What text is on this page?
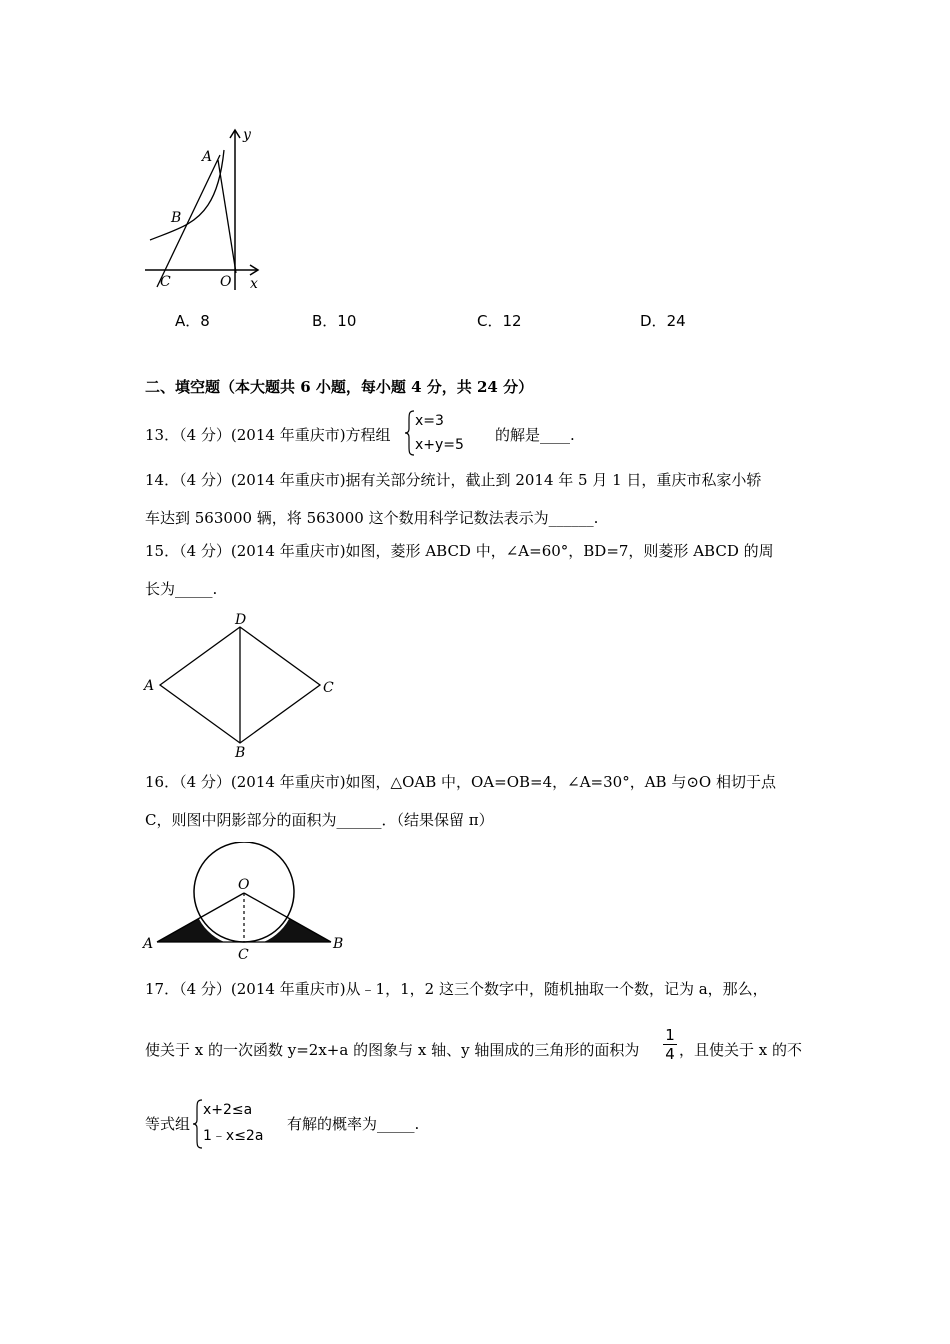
y
A
B
C	O x
A．8	B．10	C．12	D．24
二、填空题（本大题共 6 小题，每小题 4 分，共 24 分）
13．（4 分）(2014 年重庆市)方程组
x=3
x+y=5
的解是____.
14．（4 分）(2014 年重庆市)据有关部分统计，截止到 2014 年 5 月 1 日，重庆市私家小轿
车达到 563000 辆，将 563000 这个数用科学记数法表示为______.
15．（4 分）(2014 年重庆市)如图，菱形 ABCD 中，∠A=60°，BD=7，则菱形 ABCD 的周
长为_____.
D
A	C
B
16．（4 分）(2014 年重庆市)如图，△OAB 中，OA=OB=4，∠A=30°，AB 与⊙O 相切于点
C，则图中阴影部分的面积为______．（结果保留 π）
O
A	B
C
17．（4 分）(2014 年重庆市)从﹣1，1，2 这三个数字中，随机抽取一个数，记为 a，那么，
使关于 x 的一次函数 y=2x+a 的图象与 x 轴、y 轴围成的三角形的面积为
1
4 ，且使关于 x 的不
等式组
x+2≤a
1﹣x≤2a
有解的概率为_____.
